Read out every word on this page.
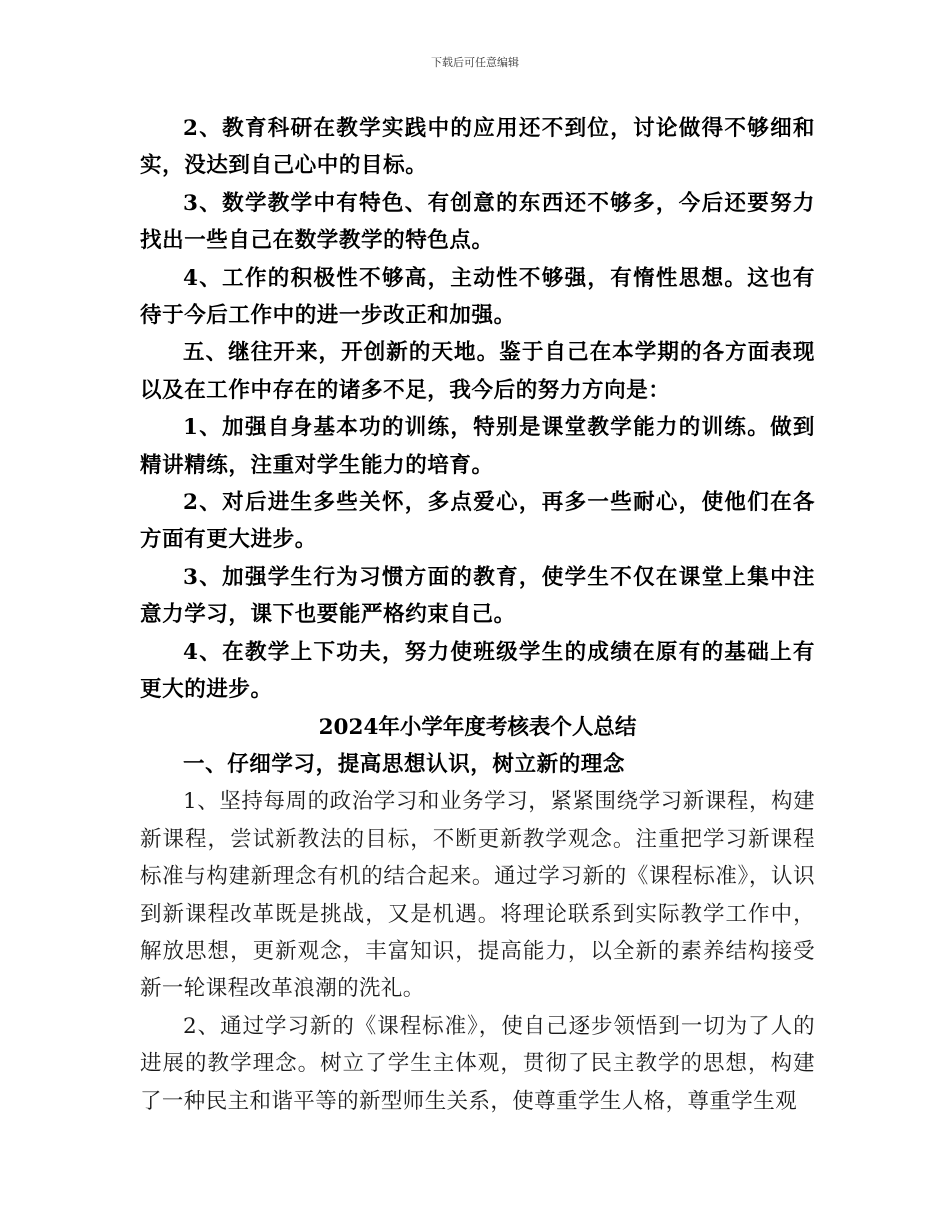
下载后可任意编辑

2、教育科研在教学实践中的应用还不到位，讨论做得不够细和实，没达到自己心中的目标。

3、数学教学中有特色、有创意的东西还不够多，今后还要努力找出一些自己在数学教学的特色点。

4、工作的积极性不够高，主动性不够强，有惰性思想。这也有待于今后工作中的进一步改正和加强。

五、继往开来，开创新的天地。鉴于自己在本学期的各方面表现以及在工作中存在的诸多不足，我今后的努力方向是：

1、加强自身基本功的训练，特别是课堂教学能力的训练。做到精讲精练，注重对学生能力的培育。

2、对后进生多些关怀，多点爱心，再多一些耐心，使他们在各方面有更大进步。

3、加强学生行为习惯方面的教育，使学生不仅在课堂上集中注意力学习，课下也要能严格约束自己。

4、在教学上下功夫，努力使班级学生的成绩在原有的基础上有更大的进步。

2024年小学年度考核表个人总结

一、仔细学习，提高思想认识，树立新的理念

1、坚持每周的政治学习和业务学习，紧紧围绕学习新课程，构建新课程，尝试新教法的目标，不断更新教学观念。注重把学习新课程标准与构建新理念有机的结合起来。通过学习新的《课程标准》，认识到新课程改革既是挑战，又是机遇。将理论联系到实际教学工作中，解放思想，更新观念，丰富知识，提高能力，以全新的素养结构接受新一轮课程改革浪潮的洗礼。

2、通过学习新的《课程标准》，使自己逐步领悟到一切为了人的进展的教学理念。树立了学生主体观，贯彻了民主教学的思想，构建了一种民主和谐平等的新型师生关系，使尊重学生人格，尊重学生观
